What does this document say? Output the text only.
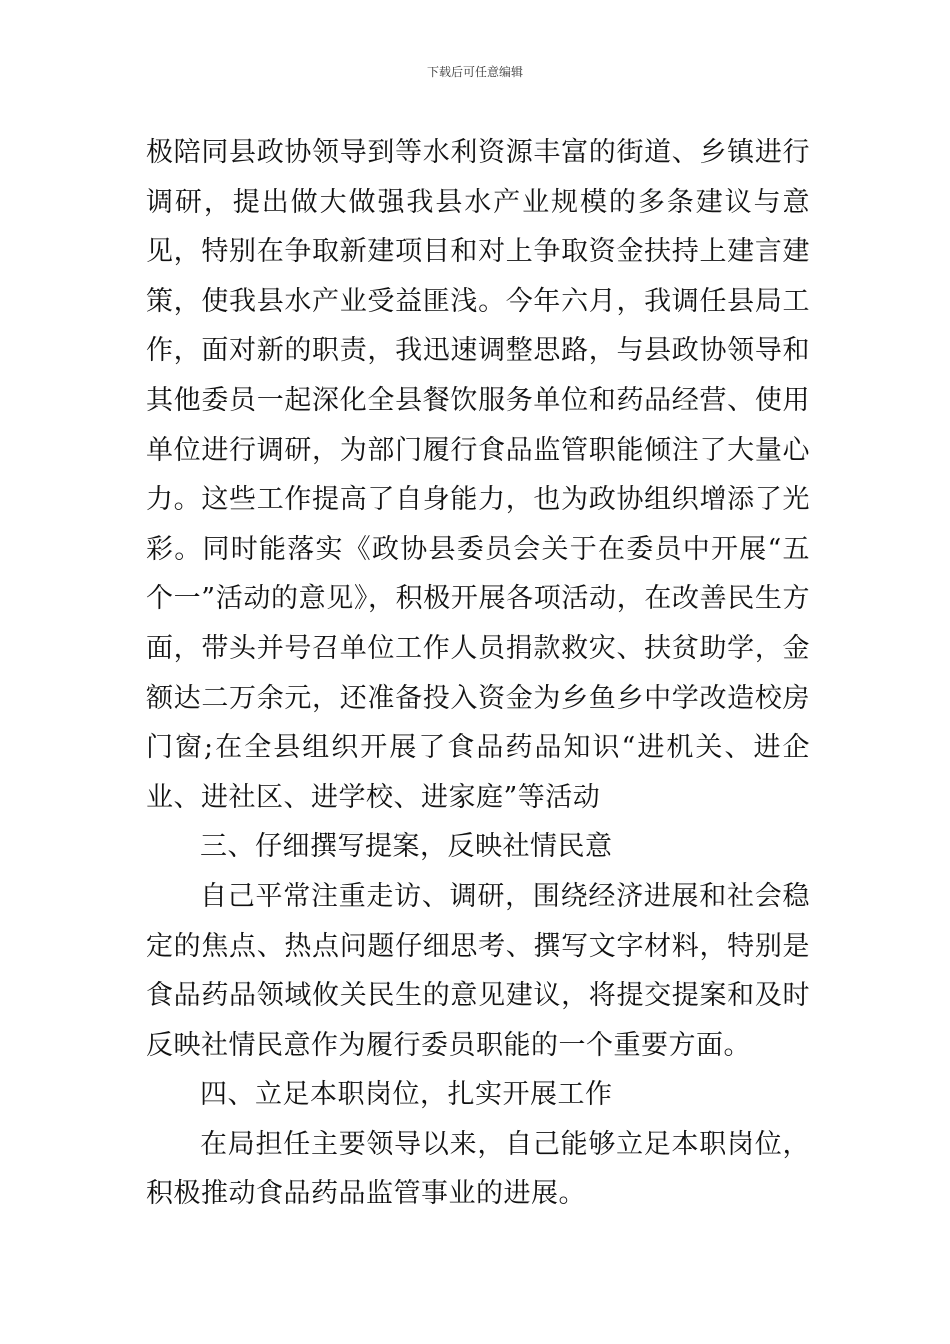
下载后可任意编辑

极陪同县政协领导到等水利资源丰富的街道、乡镇进行调研，提出做大做强我县水产业规模的多条建议与意见，特别在争取新建项目和对上争取资金扶持上建言建策，使我县水产业受益匪浅。今年六月，我调任县局工作，面对新的职责，我迅速调整思路，与县政协领导和其他委员一起深化全县餐饮服务单位和药品经营、使用单位进行调研，为部门履行食品监管职能倾注了大量心力。这些工作提高了自身能力，也为政协组织增添了光彩。同时能落实《政协县委员会关于在委员中开展“五个一”活动的意见》，积极开展各项活动，在改善民生方面，带头并号召单位工作人员捐款救灾、扶贫助学，金额达二万余元，还准备投入资金为乡鱼乡中学改造校房门窗;在全县组织开展了食品药品知识“进机关、进企业、进社区、进学校、进家庭”等活动

三、仔细撰写提案，反映社情民意

自己平常注重走访、调研，围绕经济进展和社会稳定的焦点、热点问题仔细思考、撰写文字材料，特别是食品药品领域攸关民生的意见建议，将提交提案和及时反映社情民意作为履行委员职能的一个重要方面。

四、立足本职岗位，扎实开展工作

在局担任主要领导以来，自己能够立足本职岗位，积极推动食品药品监管事业的进展。
